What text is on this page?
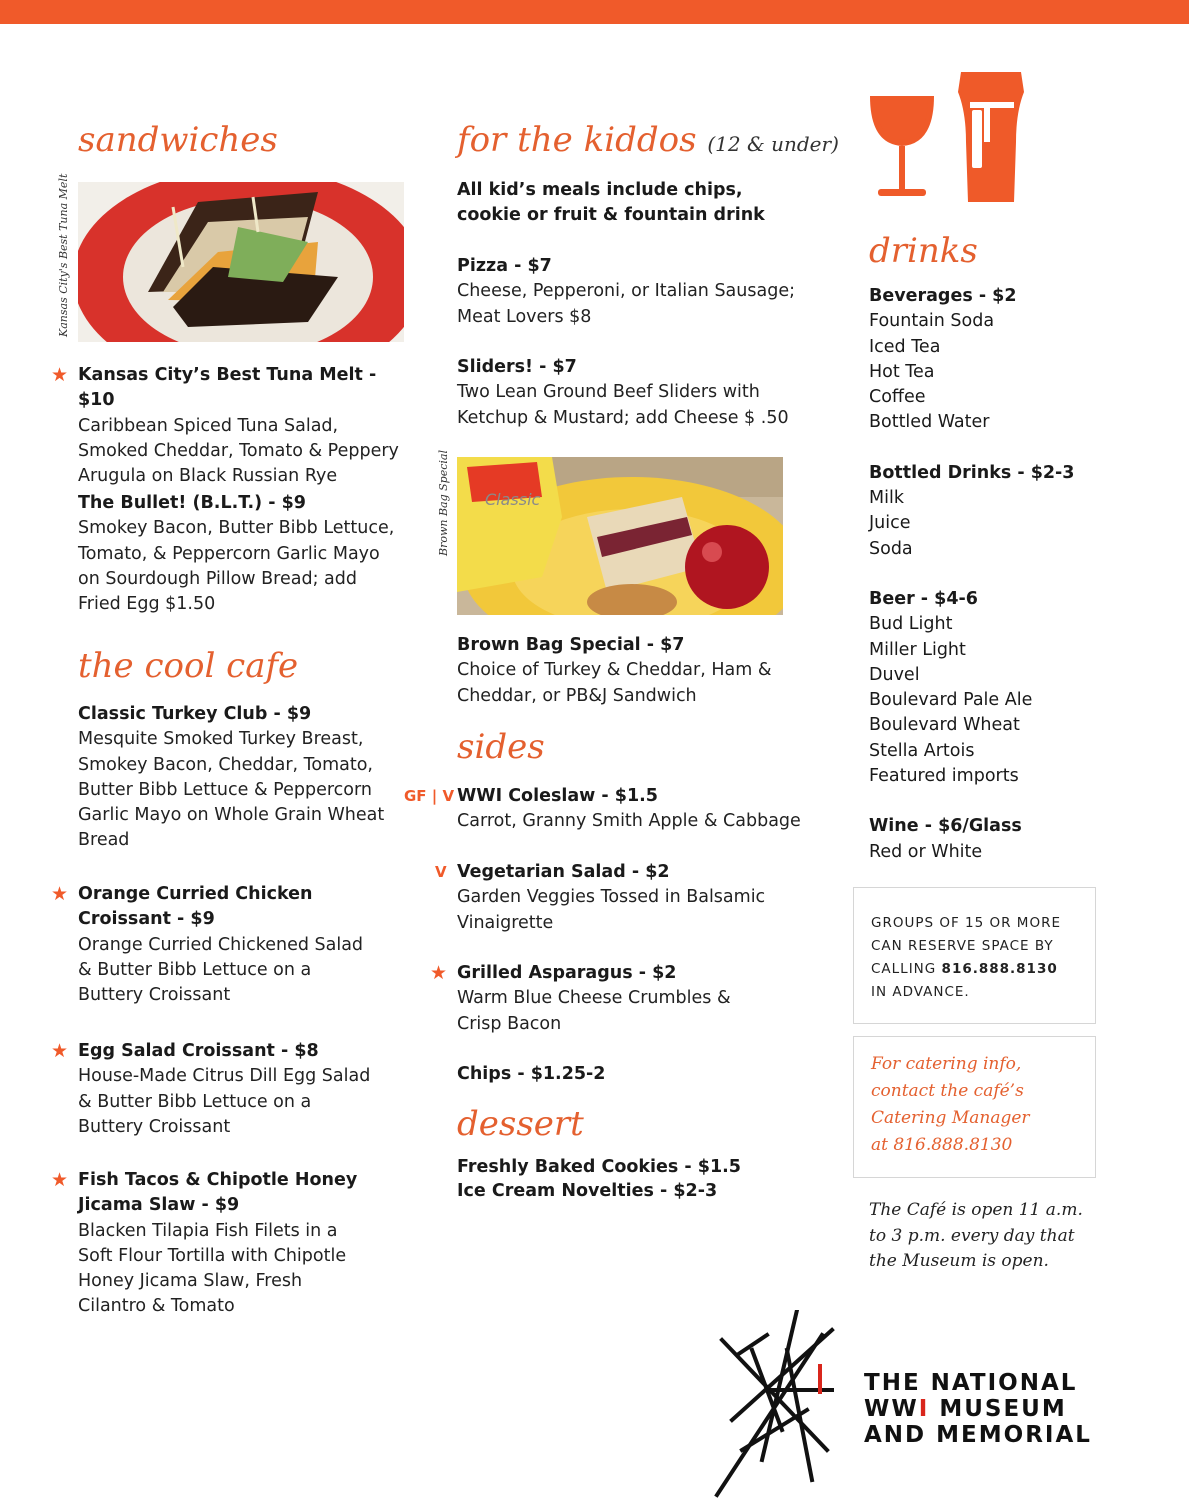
sandwiches
Kansas City's Best Tuna Melt
★ Kansas City’s Best Tuna Melt - $10
Caribbean Spiced Tuna Salad, Smoked Cheddar, Tomato & Peppery Arugula on Black Russian Rye
The Bullet! (B.L.T.) - $9
Smokey Bacon, Butter Bibb Lettuce, Tomato, & Peppercorn Garlic Mayo on Sourdough Pillow Bread; add Fried Egg $1.50
the cool cafe
Classic Turkey Club - $9
Mesquite Smoked Turkey Breast, Smokey Bacon, Cheddar, Tomato, Butter Bibb Lettuce & Peppercorn Garlic Mayo on Whole Grain Wheat Bread
★ Orange Curried Chicken Croissant - $9
Orange Curried Chickened Salad & Butter Bibb Lettuce on a Buttery Croissant
★ Egg Salad Croissant - $8
House-Made Citrus Dill Egg Salad & Butter Bibb Lettuce on a Buttery Croissant
★ Fish Tacos & Chipotle Honey Jicama Slaw - $9
Blacken Tilapia Fish Filets in a Soft Flour Tortilla with Chipotle Honey Jicama Slaw, Fresh Cilantro & Tomato
for the kiddos (12 & under)
All kid’s meals include chips, cookie or fruit & fountain drink
Pizza - $7
Cheese, Pepperoni, or Italian Sausage; Meat Lovers $8
Sliders! - $7
Two Lean Ground Beef Sliders with Ketchup & Mustard; add Cheese $ .50
Brown Bag Special Classic
Brown Bag Special - $7
Choice of Turkey & Cheddar, Ham & Cheddar, or PB&J Sandwich
sides
GF | V WWI Coleslaw - $1.5
Carrot, Granny Smith Apple & Cabbage
V Vegetarian Salad - $2
Garden Veggies Tossed in Balsamic Vinaigrette
★ Grilled Asparagus - $2
Warm Blue Cheese Crumbles & Crisp Bacon
Chips - $1.25-2
dessert
Freshly Baked Cookies - $1.5
Ice Cream Novelties - $2-3
drinks
Beverages - $2
Fountain Soda
Iced Tea
Hot Tea
Coffee
Bottled Water
Bottled Drinks - $2-3
Milk
Juice
Soda
Beer - $4-6
Bud Light
Miller Light
Duvel
Boulevard Pale Ale
Boulevard Wheat
Stella Artois
Featured imports
Wine - $6/Glass
Red or White
GROUPS OF 15 OR MORE
CAN RESERVE SPACE BY
CALLING 816.888.8130
IN ADVANCE.
For catering info,
contact the café’s
Catering Manager
at 816.888.8130
The Café is open 11 a.m.
to 3 p.m. every day that
the Museum is open.
THE NATIONAL
WWI MUSEUM
AND MEMORIAL
